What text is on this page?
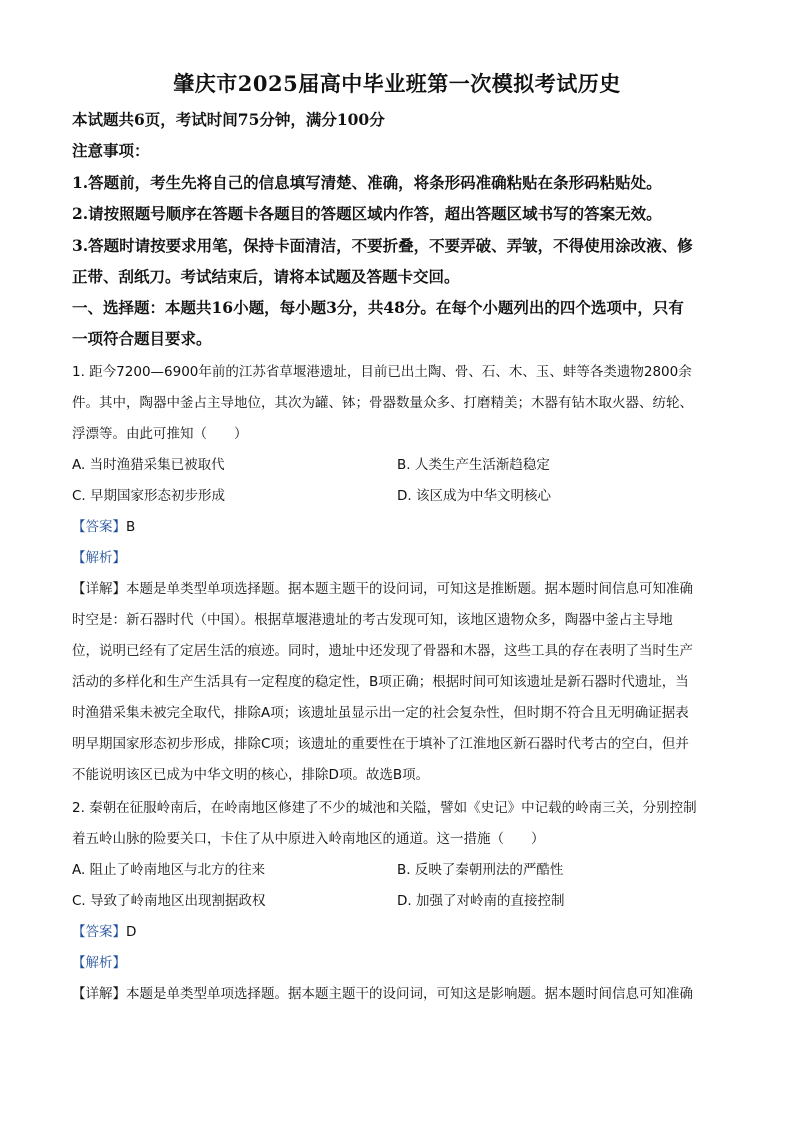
肇庆市2025届高中毕业班第一次模拟考试历史
本试题共6页，考试时间75分钟，满分100分
注意事项：
1.答题前，考生先将自己的信息填写清楚、准确，将条形码准确粘贴在条形码粘贴处。
2.请按照题号顺序在答题卡各题目的答题区域内作答，超出答题区域书写的答案无效。
3.答题时请按要求用笔，保持卡面清洁，不要折叠，不要弄破、弄皱，不得使用涂改液、修
正带、刮纸刀。考试结束后，请将本试题及答题卡交回。
一、选择题：本题共16小题，每小题3分，共48分。在每个小题列出的四个选项中，只有
一项符合题目要求。
1. 距今7200—6900年前的江苏省草堰港遗址，目前已出土陶、骨、石、木、玉、蚌等各类遗物2800余
件。其中，陶器中釜占主导地位，其次为罐、钵；骨器数量众多、打磨精美；木器有钻木取火器、纺轮、
浮漂等。由此可推知（　　）
A. 当时渔猎采集已被取代	B. 人类生产生活渐趋稳定
C. 早期国家形态初步形成	D. 该区成为中华文明核心
【答案】B
【解析】
【详解】本题是单类型单项选择题。据本题主题干的设问词，可知这是推断题。据本题时间信息可知准确
时空是：新石器时代（中国）。根据草堰港遗址的考古发现可知，该地区遗物众多，陶器中釜占主导地
位，说明已经有了定居生活的痕迹。同时，遗址中还发现了骨器和木器，这些工具的存在表明了当时生产
活动的多样化和生产生活具有一定程度的稳定性，B项正确；根据时间可知该遗址是新石器时代遗址，当
时渔猎采集未被完全取代，排除A项；该遗址虽显示出一定的社会复杂性，但时期不符合且无明确证据表
明早期国家形态初步形成，排除C项；该遗址的重要性在于填补了江淮地区新石器时代考古的空白，但并
不能说明该区已成为中华文明的核心，排除D项。故选B项。
2. 秦朝在征服岭南后，在岭南地区修建了不少的城池和关隘，譬如《史记》中记载的岭南三关，分别控制
着五岭山脉的险要关口，卡住了从中原进入岭南地区的通道。这一措施（　　）
A. 阻止了岭南地区与北方的往来	B. 反映了秦朝刑法的严酷性
C. 导致了岭南地区出现割据政权	D. 加强了对岭南的直接控制
【答案】D
【解析】
【详解】本题是单类型单项选择题。据本题主题干的设问词，可知这是影响题。据本题时间信息可知准确
